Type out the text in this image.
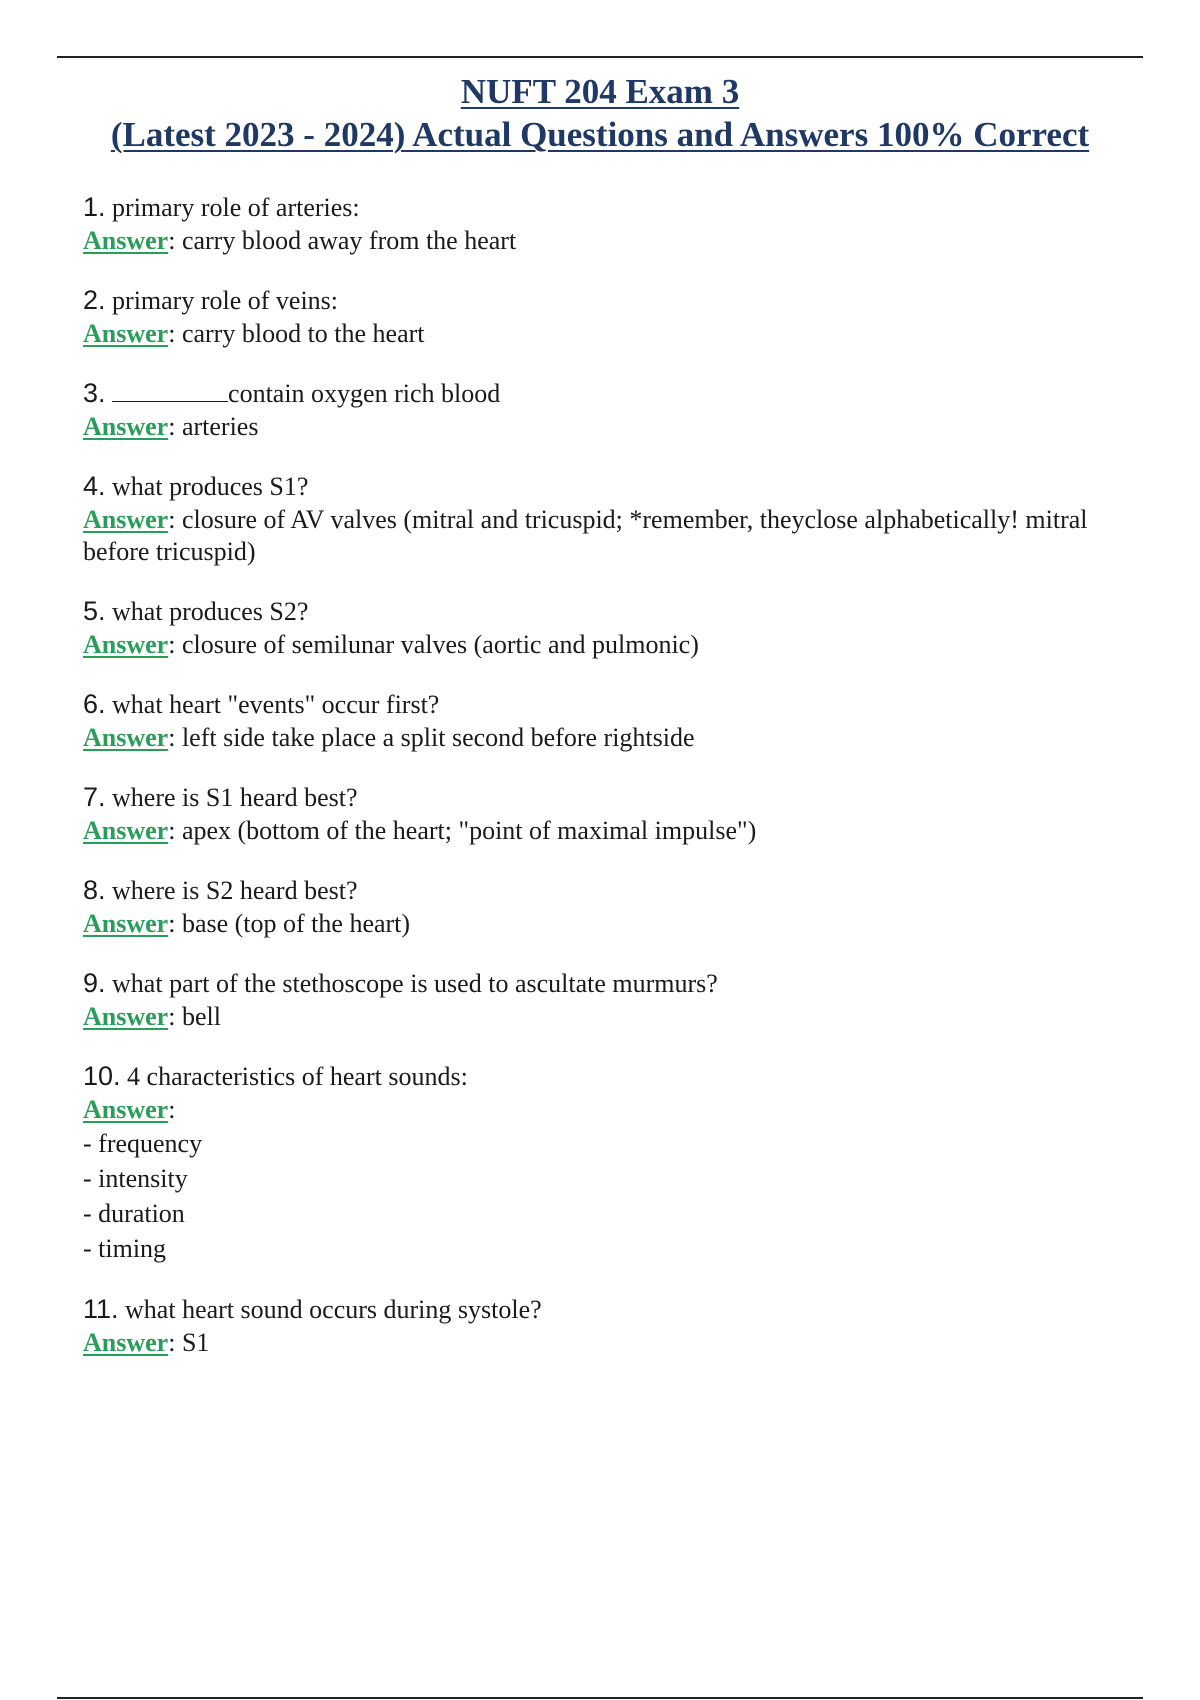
NUFT 204 Exam 3
(Latest 2023 - 2024) Actual Questions and Answers 100% Correct
1. primary role of arteries:
Answer: carry blood away from the heart
2. primary role of veins:
Answer: carry blood to the heart
3.	contain oxygen rich blood
Answer: arteries
4. what produces S1?
Answer: closure of AV valves (mitral and tricuspid; *remember, theyclose alphabetically! mitral before tricuspid)
5. what produces S2?
Answer: closure of semilunar valves (aortic and pulmonic)
6. what heart "events" occur first?
Answer: left side take place a split second before rightside
7. where is S1 heard best?
Answer: apex (bottom of the heart; "point of maximal impulse")
8. where is S2 heard best?
Answer: base (top of the heart)
9. what part of the stethoscope is used to ascultate murmurs?
Answer: bell
10. 4 characteristics of heart sounds:
Answer:
- frequency
- intensity
- duration
- timing
11. what heart sound occurs during systole?
Answer: S1
